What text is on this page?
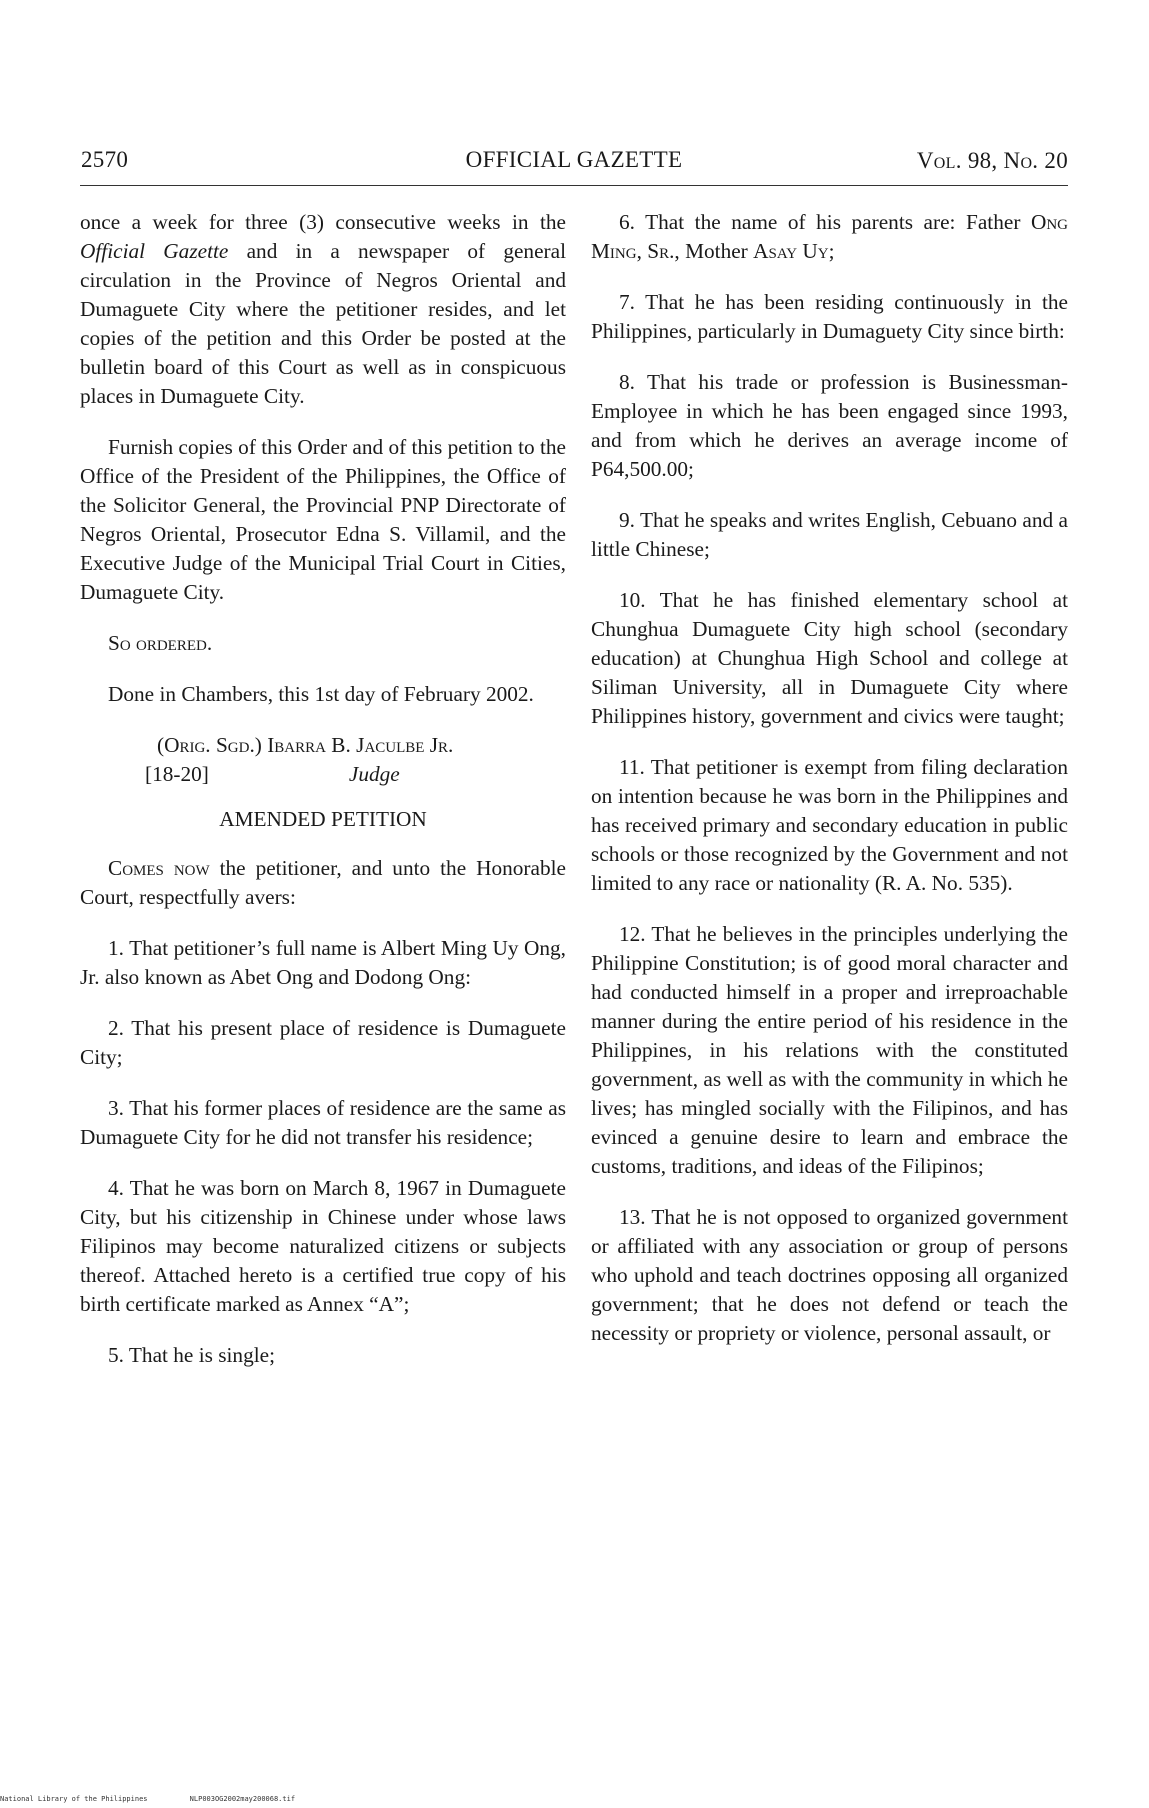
2570	OFFICIAL GAZETTE	Vol. 98, No. 20

once a week for three (3) consecutive weeks in the Official Gazette and in a newspaper of general circulation in the Province of Negros Oriental and Dumaguete City where the petitioner resides, and let copies of the petition and this Order be posted at the bulletin board of this Court as well as in conspicuous places in Dumaguete City.

Furnish copies of this Order and of this petition to the Office of the President of the Philippines, the Office of the Solicitor General, the Provincial PNP Directorate of Negros Oriental, Prosecutor Edna S. Villamil, and the Executive Judge of the Municipal Trial Court in Cities, Dumaguete City.

So ordered.

Done in Chambers, this 1st day of February 2002.

(Orig. Sgd.) Ibarra B. Jaculbe Jr.
[18-20]	Judge

AMENDED PETITION

Comes now the petitioner, and unto the Honorable Court, respectfully avers:

1. That petitioner’s full name is Albert Ming Uy Ong, Jr. also known as Abet Ong and Dodong Ong:

2. That his present place of residence is Dumaguete City;

3. That his former places of residence are the same as Dumaguete City for he did not transfer his residence;

4. That he was born on March 8, 1967 in Dumaguete City, but his citizenship in Chinese under whose laws Filipinos may become naturalized citizens or subjects thereof. Attached hereto is a certified true copy of his birth certificate marked as Annex “A”;

5. That he is single;

6. That the name of his parents are: Father Ong Ming, Sr., Mother Asay Uy;

7. That he has been residing continuously in the Philippines, particularly in Dumaguety City since birth:

8. That his trade or profession is Businessman-Employee in which he has been engaged since 1993, and from which he derives an average income of P64,500.00;

9. That he speaks and writes English, Cebuano and a little Chinese;

10. That he has finished elementary school at Chunghua Dumaguete City high school (secondary education) at Chunghua High School and college at Siliman University, all in Dumaguete City where Philippines history, government and civics were taught;

11. That petitioner is exempt from filing declaration on intention because he was born in the Philippines and has received primary and secondary education in public schools or those recognized by the Government and not limited to any race or nationality (R. A. No. 535).

12. That he believes in the principles underlying the Philippine Constitution; is of good moral character and had conducted himself in a proper and irreproachable manner during the entire period of his residence in the Philippines, in his relations with the constituted government, as well as with the community in which he lives; has mingled socially with the Filipinos, and has evinced a genuine desire to learn and embrace the customs, traditions, and ideas of the Filipinos;

13. That he is not opposed to organized government or affiliated with any association or group of persons who uphold and teach doctrines opposing all organized government; that he does not defend or teach the necessity or propriety or violence, personal assault, or

National Library of the Philippines	NLP003OG2002may200068.tif
